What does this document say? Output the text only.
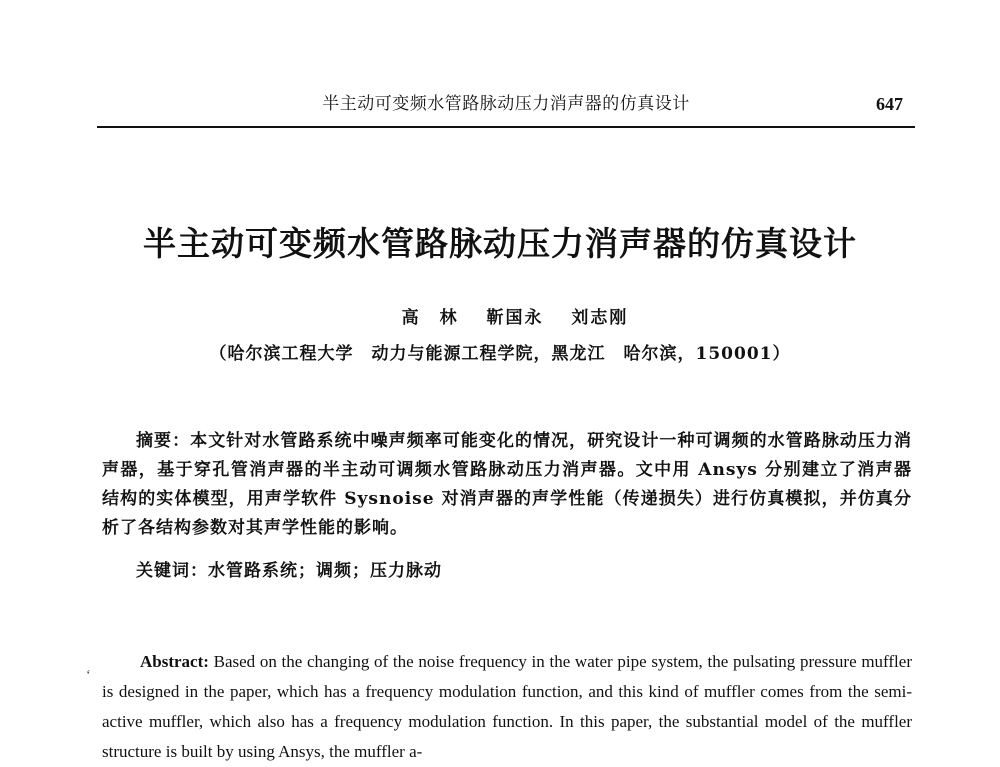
半主动可变频水管路脉动压力消声器的仿真设计	647
半主动可变频水管路脉动压力消声器的仿真设计
高　林 靳国永 刘志刚
（哈尔滨工程大学　动力与能源工程学院，黑龙江　哈尔滨，150001）

摘要：本文针对水管路系统中噪声频率可能变化的情况，研究设计一种可调频的水管路脉动压力消声器，基于穿孔管消声器的半主动可调频水管路脉动压力消声器。文中用 Ansys 分别建立了消声器结构的实体模型，用声学软件 Sysnoise 对消声器的声学性能（传递损失）进行仿真模拟，并仿真分析了各结构参数对其声学性能的影响。

关键词：水管路系统；调频；压力脉动

‘

Abstract: Based on the changing of the noise frequency in the water pipe system, the pulsating pressure muffler is designed in the paper, which has a frequency modulation function, and this kind of muffler comes from the semi-active muffler, which also has a frequency modulation function. In this paper, the substantial model of the muffler structure is built by using Ansys, the muffler a-
